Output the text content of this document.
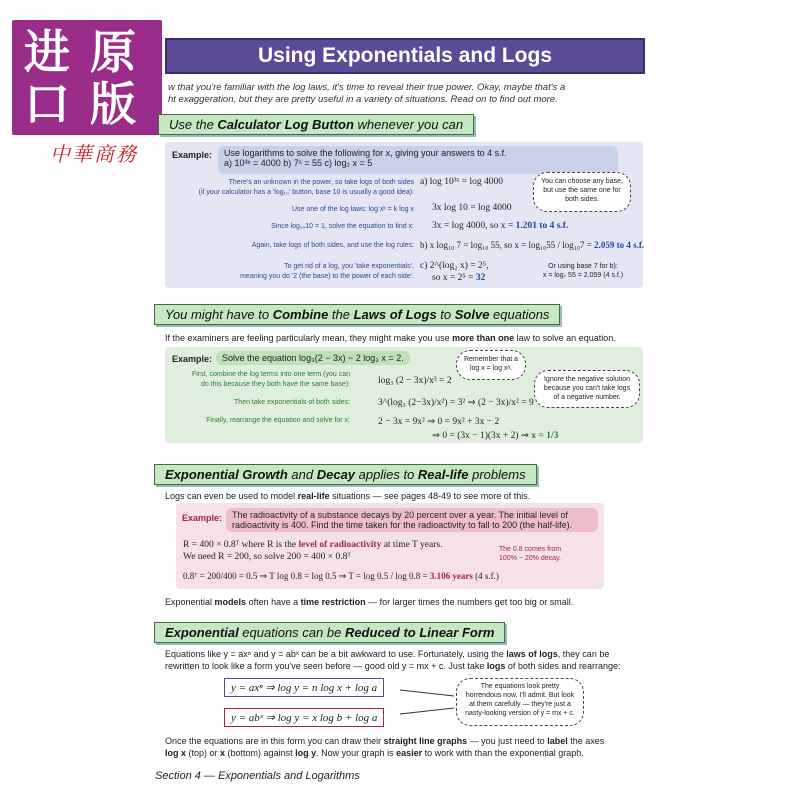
进 原
口 版
中華商務
Using Exponentials and Logs
w that you're familiar with the log laws, it's time to reveal their true power. Okay, maybe that's a
ht exaggeration, but they are pretty useful in a variety of situations. Read on to find out more.
Use the Calculator Log Button whenever you can
Example: Use logarithms to solve the following for x, giving your answers to 4 s.f.
a) 10³ˣ = 4000 b) 7ˣ = 55 c) log₂ x = 5
There's an unknown in the power, so take logs of both sides
(if your calculator has a 'log₁₀' button, base 10 is usually a good idea):
Use one of the log laws: log xᵏ = k log x
Since log₁₀10 = 1, solve the equation to find x:
Again, take logs of both sides, and use the log rules:
To get rid of a log, you 'take exponentials',
meaning you do '2 (the base) to the power of each side'.
a) log 10³ˣ = log 4000
3x log 10 = log 4000
3x = log 4000, so x = 1.201 to 4 s.f.
b) x log₁₀ 7 = log₁₀ 55, so x = log₁₀55 / log₁₀7 = 2.059 to 4 s.f.
c) 2^(log₂ x) = 2⁵,
so x = 2⁵ = 32
You can choose any base, but use the same one for both sides.
Or using base 7 for b):
x = log₇ 55 = 2.059 (4 s.f.)
You might have to Combine the Laws of Logs to Solve equations
If the examiners are feeling particularly mean, they might make you use more than one law to solve an equation.
Example:	Solve the equation log₃(2 − 3x) − 2 log₃ x = 2.
First, combine the log terms into one term (you can
do this because they both have the same base):
Then take exponentials of both sides:
Finally, rearrange the equation and solve for x:
log₃ (2 − 3x)/x² = 2
3^(log₃ (2−3x)/x²) = 3² ⇒ (2 − 3x)/x² = 9
2 − 3x = 9x² ⇒ 0 = 9x² + 3x − 2
⇒ 0 = (3x − 1)(3x + 2) ⇒ x = 1/3
Remember that a log x = log xᵃ.
Ignore the negative solution because you can't take logs of a negative number.
Exponential Growth and Decay applies to Real-life problems
Logs can even be used to model real-life situations — see pages 48-49 to see more of this.
Example: The radioactivity of a substance decays by 20 percent over a year. The initial level of
radioactivity is 400. Find the time taken for the radioactivity to fall to 200 (the half-life).
R = 400 × 0.8ᵀ where R is the level of radioactivity at time T years.
We need R = 200, so solve 200 = 400 × 0.8ᵀ
0.8ᵀ = 200/400 = 0.5 ⇒ T log 0.8 = log 0.5 ⇒ T = log 0.5 / log 0.8 = 3.106 years (4 s.f.)
The 0.8 comes from 100% − 20% decay.
Exponential models often have a time restriction — for larger times the numbers get too big or small.
Exponential equations can be Reduced to Linear Form
Equations like y = axⁿ and y = abˣ can be a bit awkward to use. Fortunately, using the laws of logs, they can be
rewritten to look like a form you've seen before — good old y = mx + c. Just take logs of both sides and rearrange:
y = axⁿ ⇒ log y = n log x + log a
y = abˣ ⇒ log y = x log b + log a
The equations look pretty horrendous now, I'll admit. But look at them carefully — they're just a nasty-looking version of y = mx + c.
Once the equations are in this form you can draw their straight line graphs — you just need to label the axes
log x (top) or x (bottom) against log y. Now your graph is easier to work with than the exponential graph.
Section 4 — Exponentials and Logarithms
